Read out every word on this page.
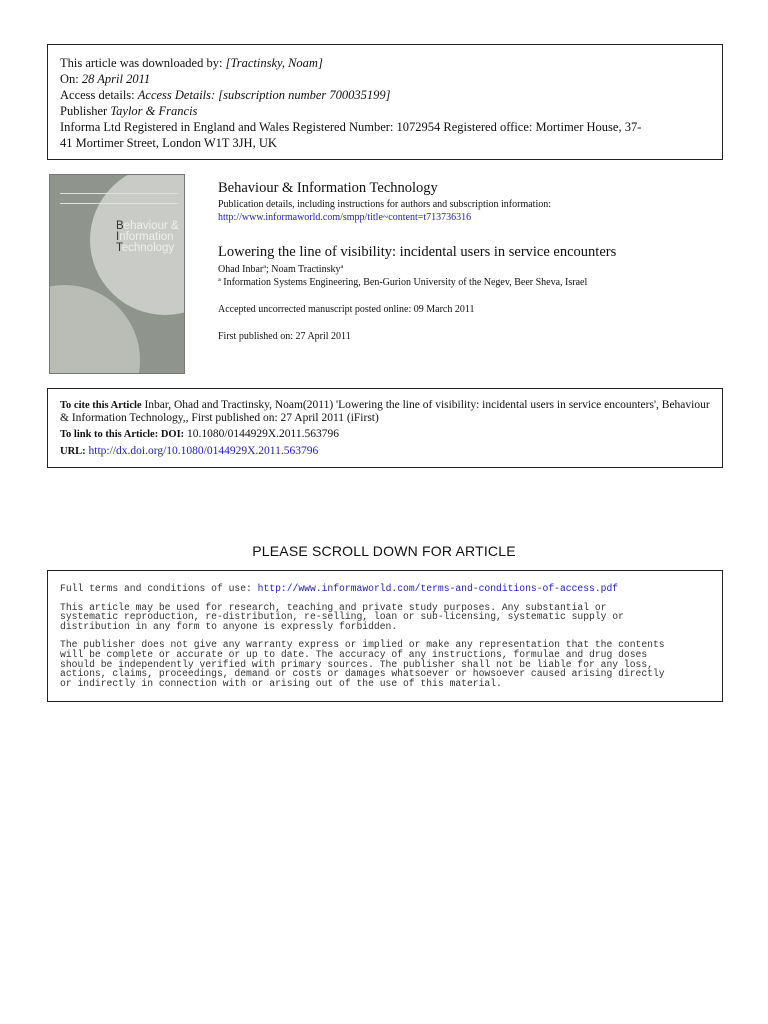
This article was downloaded by: [Tractinsky, Noam]
On: 28 April 2011
Access details: Access Details: [subscription number 700035199]
Publisher Taylor & Francis
Informa Ltd Registered in England and Wales Registered Number: 1072954 Registered office: Mortimer House, 37-
41 Mortimer Street, London W1T 3JH, UK
Behaviour &
Information
Technology
Behaviour & Information Technology
Publication details, including instructions for authors and subscription information:
http://www.informaworld.com/smpp/title~content=t713736316
Lowering the line of visibility: incidental users in service encounters
Ohad Inbarª; Noam Tractinskyª
ª Information Systems Engineering, Ben-Gurion University of the Negev, Beer Sheva, Israel
Accepted uncorrected manuscript posted online: 09 March 2011
First published on: 27 April 2011
To cite this Article Inbar, Ohad and Tractinsky, Noam(2011) 'Lowering the line of visibility: incidental users in service encounters', Behaviour & Information Technology,, First published on: 27 April 2011 (iFirst)
To link to this Article: DOI: 10.1080/0144929X.2011.563796
URL: http://dx.doi.org/10.1080/0144929X.2011.563796
PLEASE SCROLL DOWN FOR ARTICLE

Full terms and conditions of use: http://www.informaworld.com/terms-and-conditions-of-access.pdf

This article may be used for research, teaching and private study purposes. Any substantial or
systematic reproduction, re-distribution, re-selling, loan or sub-licensing, systematic supply or
distribution in any form to anyone is expressly forbidden.

The publisher does not give any warranty express or implied or make any representation that the contents
will be complete or accurate or up to date. The accuracy of any instructions, formulae and drug doses
should be independently verified with primary sources. The publisher shall not be liable for any loss,
actions, claims, proceedings, demand or costs or damages whatsoever or howsoever caused arising directly
or indirectly in connection with or arising out of the use of this material.
